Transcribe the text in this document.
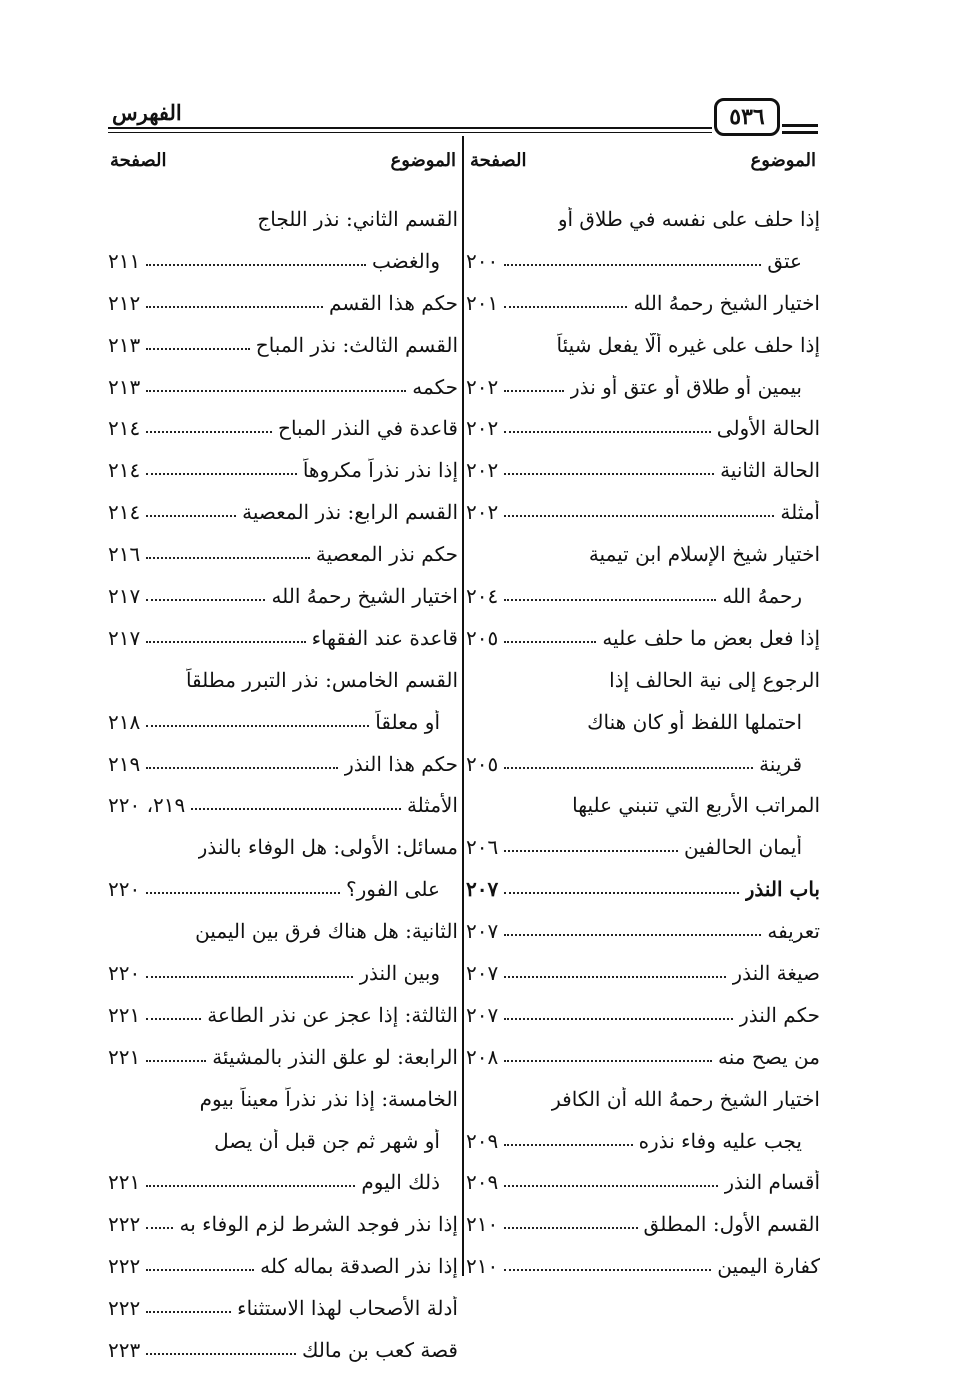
الفهرس	٥٣٦
الموضوع
الصفحة
الموضوع
الصفحة
إذا حلف على نفسه في طلاق أو
عتق
٢٠٠
اختيار الشيخ رحمهُ الله
٢٠١
إذا حلف على غيره ألّا يفعل شيئاً
بيمين أو طلاق أو عتق أو نذر
٢٠٢
الحالة الأولى
٢٠٢
الحالة الثانية
٢٠٢
أمثلة
٢٠٢
اختيار شيخ الإسلام ابن تيمية
رحمهُ الله
٢٠٤
إذا فعل بعض ما حلف عليه
٢٠٥
الرجوع إلى نية الحالف إذا
احتملها اللفظ أو كان هناك
قرينة
٢٠٥
المراتب الأربع التي تنبني عليها
أيمان الحالفين
٢٠٦
باب النذر
٢٠٧
تعريفه
٢٠٧
صيغة النذر
٢٠٧
حكم النذر
٢٠٧
من يصح منه
٢٠٨
اختيار الشيخ رحمهُ الله أن الكافر
يجب عليه وفاء نذره
٢٠٩
أقسام النذر
٢٠٩
القسم الأول: المطلق
٢١٠
كفارة اليمين
٢١٠
القسم الثاني: نذر اللجاج
والغضب
٢١١
حكم هذا القسم
٢١٢
القسم الثالث: نذر المباح
٢١٣
حكمه
٢١٣
قاعدة في النذر المباح
٢١٤
إذا نذر نذراً مكروهاً
٢١٤
القسم الرابع: نذر المعصية
٢١٤
حكم نذر المعصية
٢١٦
اختيار الشيخ رحمهُ الله
٢١٧
قاعدة عند الفقهاء
٢١٧
القسم الخامس: نذر التبرر مطلقاً
أو معلقاً
٢١٨
حكم هذا النذر
٢١٩
الأمثلة
٢١٩، ٢٢٠
مسائل: الأولى: هل الوفاء بالنذر
على الفور؟
٢٢٠
الثانية: هل هناك فرق بين اليمين
وبين النذر
٢٢٠
الثالثة: إذا عجز عن نذر الطاعة
٢٢١
الرابعة: لو علق النذر بالمشيئة
٢٢١
الخامسة: إذا نذر نذراً معيناً بيوم
أو شهر ثم جن قبل أن يصل
ذلك اليوم
٢٢١
إذا نذر فوجد الشرط لزم الوفاء به
٢٢٢
إذا نذر الصدقة بماله كله
٢٢٢
أدلة الأصحاب لهذا الاستثناء
٢٢٢
قصة كعب بن مالك
٢٢٣
